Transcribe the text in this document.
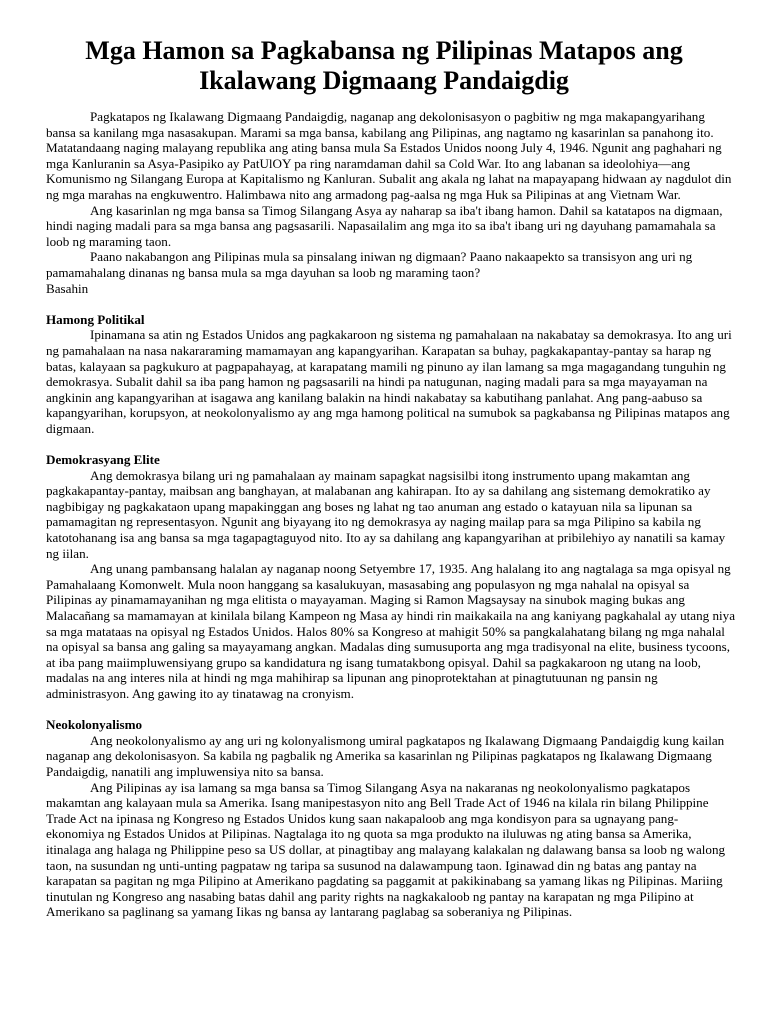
Mga Hamon sa Pagkabansa ng Pilipinas Matapos ang
Ikalawang Digmaang Pandaigdig

Pagkatapos ng Ikalawang Digmaang Pandaigdig, naganap ang dekolonisasyon o pagbitiw ng mga makapangyarihang bansa sa kanilang mga nasasakupan. Marami sa mga bansa, kabilang ang Pilipinas, ang nagtamo ng kasarinlan sa panahong ito. Matatandaang naging malayang republika ang ating bansa mula Sa Estados Unidos noong July 4, 1946. Ngunit ang paghahari ng mga Kanluranin sa Asya-Pasipiko ay PatUlOY pa ring naramdaman dahil sa Cold War. Ito ang labanan sa ideolohiya—ang Komunismo ng Silangang Europa at Kapitalismo ng Kanluran. Subalit ang akala ng lahat na mapayapang hidwaan ay nagdulot din ng mga marahas na engkuwentro. Halimbawa nito ang armadong pag-aalsa ng mga Huk sa Pilipinas at ang Vietnam War.

Ang kasarinlan ng mga bansa sa Timog Silangang Asya ay naharap sa iba't ibang hamon. Dahil sa katatapos na digmaan, hindi naging madali para sa mga bansa ang pagsasarili. Napasailalim ang mga ito sa iba't ibang uri ng dayuhang pamamahala sa loob ng maraming taon.

Paano nakabangon ang Pilipinas mula sa pinsalang iniwan ng digmaan? Paano nakaapekto sa transisyon ang uri ng pamamahalang dinanas ng bansa mula sa mga dayuhan sa loob ng maraming taon?

Basahin

Hamong Politikal

Ipinamana sa atin ng Estados Unidos ang pagkakaroon ng sistema ng pamahalaan na nakabatay sa demokrasya. Ito ang uri ng pamahalaan na nasa nakararaming mamamayan ang kapangyarihan. Karapatan sa buhay, pagkakapantay-pantay sa harap ng batas, kalayaan sa pagkukuro at pagpapahayag, at karapatang mamili ng pinuno ay ilan lamang sa mga magagandang tunguhin ng demokrasya. Subalit dahil sa iba pang hamon ng pagsasarili na hindi pa natugunan, naging madali para sa mga mayayaman na angkinin ang kapangyarihan at isagawa ang kanilang balakin na hindi nakabatay sa kabutihang panlahat. Ang pang-aabuso sa kapangyarihan, korupsyon, at neokolonyalismo ay ang mga hamong political na sumubok sa pagkabansa ng Pilipinas matapos ang digmaan.

Demokrasyang Elite

Ang demokrasya bilang uri ng pamahalaan ay mainam sapagkat nagsisilbi itong instrumento upang makamtan ang pagkakapantay-pantay, maibsan ang banghayan, at malabanan ang kahirapan. Ito ay sa dahilang ang sistemang demokratiko ay nagbibigay ng pagkakataon upang mapakinggan ang boses ng lahat ng tao anuman ang estado o katayuan nila sa lipunan sa pamamagitan ng representasyon. Ngunit ang biyayang ito ng demokrasya ay naging mailap para sa mga Pilipino sa kabila ng katotohanang isa ang bansa sa mga tagapagtaguyod nito. Ito ay sa dahilang ang kapangyarihan at pribilehiyo ay nanatili sa kamay ng iilan.

Ang unang pambansang halalan ay naganap noong Setyembre 17, 1935. Ang halalang ito ang nagtalaga sa mga opisyal ng Pamahalaang Komonwelt. Mula noon hanggang sa kasalukuyan, masasabing ang populasyon ng mga nahalal na opisyal sa Pilipinas ay pinamamayanihan ng mga elitista o mayayaman. Maging si Ramon Magsaysay na sinubok maging bukas ang Malacañang sa mamamayan at kinilala bilang Kampeon ng Masa ay hindi rin maikakaila na ang kaniyang pagkahalal ay utang niya sa mga matataas na opisyal ng Estados Unidos. Halos 80% sa Kongreso at mahigit 50% sa pangkalahatang bilang ng mga nahalal na opisyal sa bansa ang galing sa mayayamang angkan. Madalas ding sumusuporta ang mga tradisyonal na elite, business tycoons, at iba pang maiimpluwensiyang grupo sa kandidatura ng isang tumatakbong opisyal. Dahil sa pagkakaroon ng utang na loob, madalas na ang interes nila at hindi ng mga mahihirap sa lipunan ang pinoprotektahan at pinagtutuunan ng pansin ng administrasyon. Ang gawing ito ay tinatawag na cronyism.

Neokolonyalismo

Ang neokolonyalismo ay ang uri ng kolonyalismong umiral pagkatapos ng Ikalawang Digmaang Pandaigdig kung kailan naganap ang dekolonisasyon. Sa kabila ng pagbalik ng Amerika sa kasarinlan ng Pilipinas pagkatapos ng Ikalawang Digmaang Pandaigdig, nanatili ang impluwensiya nito sa bansa.

Ang Pilipinas ay isa lamang sa mga bansa sa Timog Silangang Asya na nakaranas ng neokolonyalismo pagkatapos makamtan ang kalayaan mula sa Amerika. Isang manipestasyon nito ang Bell Trade Act of 1946 na kilala rin bilang Philippine Trade Act na ipinasa ng Kongreso ng Estados Unidos kung saan nakapaloob ang mga kondisyon para sa ugnayang pang-ekonomiya ng Estados Unidos at Pilipinas. Nagtalaga ito ng quota sa mga produkto na iluluwas ng ating bansa sa Amerika, itinalaga ang halaga ng Philippine peso sa US dollar, at pinagtibay ang malayang kalakalan ng dalawang bansa sa loob ng walong taon, na susundan ng unti-unting pagpataw ng taripa sa susunod na dalawampung taon. Iginawad din ng batas ang pantay na karapatan sa pagitan ng mga Pilipino at Amerikano pagdating sa paggamit at pakikinabang sa yamang likas ng Pilipinas. Mariing tinutulan ng Kongreso ang nasabing batas dahil ang parity rights na nagkakaloob ng pantay na karapatan ng mga Pilipino at Amerikano sa paglinang sa yamang Iikas ng bansa ay lantarang paglabag sa soberaniya ng Pilipinas.
